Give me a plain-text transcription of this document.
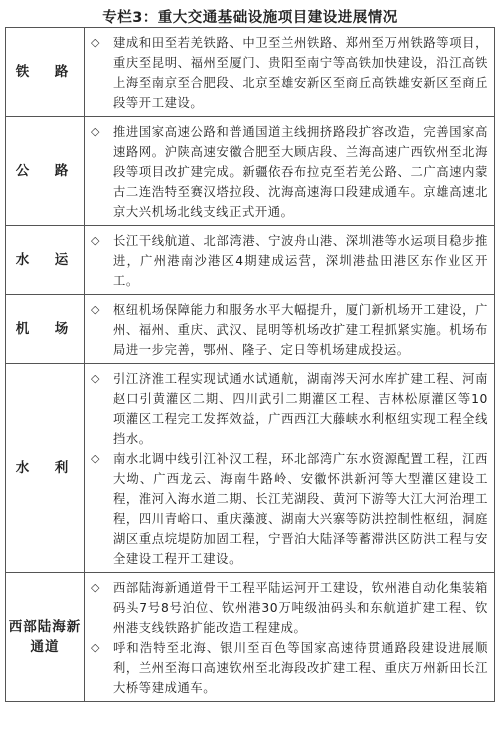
专栏3：重大交通基础设施项目建设进展情况
铁　路	◇ 建成和田至若羌铁路、中卫至兰州铁路、郑州至万州铁路等项目，重庆至昆明、福州至厦门、贵阳至南宁等高铁加快建设，沿江高铁上海至南京至合肥段、北京至雄安新区至商丘高铁雄安新区至商丘段等开工建设。

公　路	◇ 推进国家高速公路和普通国道主线拥挤路段扩容改造，完善国家高速路网。沪陕高速安徽合肥至大顾店段、兰海高速广西钦州至北海段等项目改扩建完成。新疆依吞布拉克至若羌公路、二广高速内蒙古二连浩特至赛汉塔拉段、沈海高速海口段建成通车。京雄高速北京大兴机场北线支线正式开通。

水　运	◇ 长江干线航道、北部湾港、宁波舟山港、深圳港等水运项目稳步推进，广州港南沙港区4期建成运营，深圳港盐田港区东作业区开工。

机　场	◇ 枢纽机场保障能力和服务水平大幅提升，厦门新机场开工建设，广州、福州、重庆、武汉、昆明等机场改扩建工程抓紧实施。机场布局进一步完善，鄂州、隆子、定日等机场建成投运。

水　利	◇ 引江济淮工程实现试通水试通航，湖南涔天河水库扩建工程、河南赵口引黄灌区二期、四川武引二期灌区工程、吉林松原灌区等10项灌区工程完工发挥效益，广西西江大藤峡水利枢纽实现工程全线挡水。
◇ 南水北调中线引江补汉工程，环北部湾广东水资源配置工程，江西大坳、广西龙云、海南牛路岭、安徽怀洪新河等大型灌区建设工程，淮河入海水道二期、长江芜湖段、黄河下游等大江大河治理工程，四川青峪口、重庆藻渡、湖南大兴寨等防洪控制性枢纽，洞庭湖区重点垸堤防加固工程，宁晋泊大陆泽等蓄滞洪区防洪工程与安全建设工程开工建设。

西部陆海新通道	◇ 西部陆海新通道骨干工程平陆运河开工建设，钦州港自动化集装箱码头7号8号泊位、钦州港30万吨级油码头和东航道扩建工程、钦州港支线铁路扩能改造工程建成。
◇ 呼和浩特至北海、银川至百色等国家高速待贯通路段建设进展顺利，兰州至海口高速钦州至北海段改扩建工程、重庆万州新田长江大桥等建成通车。
